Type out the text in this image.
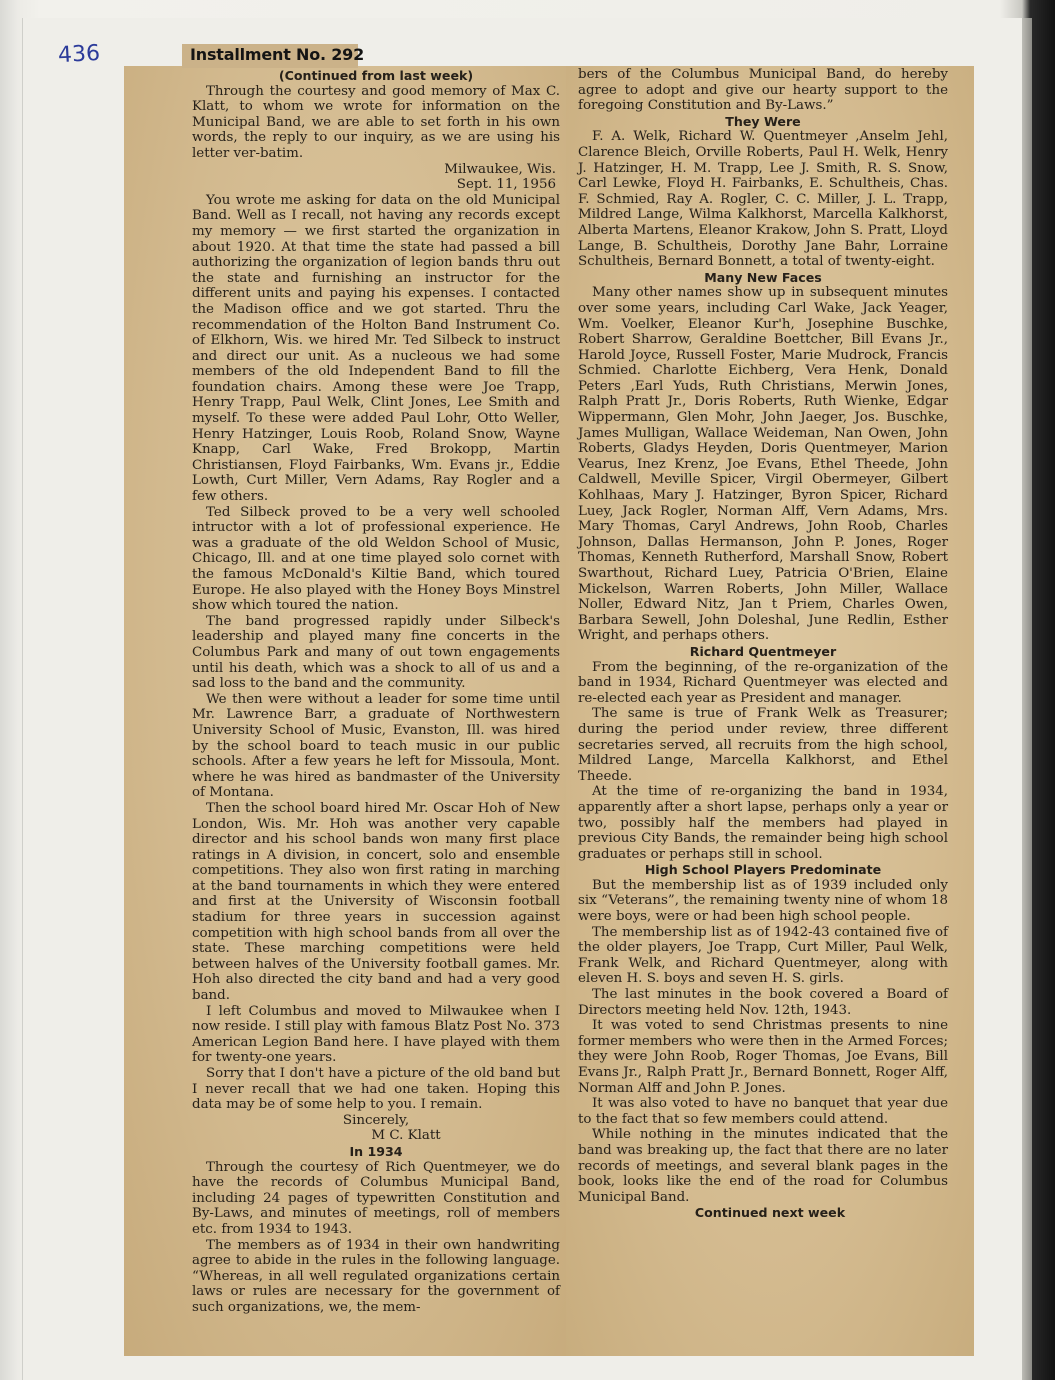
436	Installment No. 292

(Continued from last week)

Through the courtesy and good memory of Max C. Klatt, to whom we wrote for information on the Municipal Band, we are able to set forth in his own words, the reply to our inquiry, as we are using his letter ver-batim.

Milwaukee, Wis.

Sept. 11, 1956

You wrote me asking for data on the old Municipal Band. Well as I recall, not having any records except my memory — we first started the organization in about 1920. At that time the state had passed a bill authorizing the organization of legion bands thru out the state and furnishing an instructor for the different units and paying his expenses. I contacted the Madison office and we got started. Thru the recommendation of the Holton Band Instrument Co. of Elkhorn, Wis. we hired Mr. Ted Silbeck to instruct and direct our unit. As a nucleous we had some members of the old Independent Band to fill the foundation chairs. Among these were Joe Trapp, Henry Trapp, Paul Welk, Clint Jones, Lee Smith and myself. To these were added Paul Lohr, Otto Weller, Henry Hatzinger, Louis Roob, Roland Snow, Wayne Knapp, Carl Wake, Fred Brokopp, Martin Christiansen, Floyd Fairbanks, Wm. Evans jr., Eddie Lowth, Curt Miller, Vern Adams, Ray Rogler and a few others.

Ted Silbeck proved to be a very well schooled intructor with a lot of professional experience. He was a graduate of the old Weldon School of Music, Chicago, Ill. and at one time played solo cornet with the famous McDonald's Kiltie Band, which toured Europe. He also played with the Honey Boys Minstrel show which toured the nation.

The band progressed rapidly under Silbeck's leadership and played many fine concerts in the Columbus Park and many of out town engagements until his death, which was a shock to all of us and a sad loss to the band and the community.

We then were without a leader for some time until Mr. Lawrence Barr, a graduate of Northwestern University School of Music, Evanston, Ill. was hired by the school board to teach music in our public schools. After a few years he left for Missoula, Mont. where he was hired as bandmaster of the University of Montana.

Then the school board hired Mr. Oscar Hoh of New London, Wis. Mr. Hoh was another very capable director and his school bands won many first place ratings in A division, in concert, solo and ensemble competitions. They also won first rating in marching at the band tournaments in which they were entered and first at the University of Wisconsin football stadium for three years in succession against competition with high school bands from all over the state. These marching competitions were held between halves of the University football games. Mr. Hoh also directed the city band and had a very good band.

I left Columbus and moved to Milwaukee when I now reside. I still play with famous Blatz Post No. 373 American Legion Band here. I have played with them for twenty-one years.

Sorry that I don't have a picture of the old band but I never recall that we had one taken. Hoping this data may be of some help to you. I remain.

Sincerely,

M C. Klatt

In 1934

Through the courtesy of Rich Quentmeyer, we do have the records of Columbus Municipal Band, including 24 pages of typewritten Constitution and By-Laws, and minutes of meetings, roll of members etc. from 1934 to 1943.

The members as of 1934 in their own handwriting agree to abide in the rules in the following language. “Whereas, in all well regulated organizations certain laws or rules are necessary for the government of such organizations, we, the mem-

bers of the Columbus Municipal Band, do hereby agree to adopt and give our hearty support to the foregoing Constitution and By-Laws.”

They Were

F. A. Welk, Richard W. Quentmeyer ,Anselm Jehl, Clarence Bleich, Orville Roberts, Paul H. Welk, Henry J. Hatzinger, H. M. Trapp, Lee J. Smith, R. S. Snow, Carl Lewke, Floyd H. Fairbanks, E. Schultheis, Chas. F. Schmied, Ray A. Rogler, C. C. Miller, J. L. Trapp, Mildred Lange, Wilma Kalkhorst, Marcella Kalkhorst, Alberta Martens, Eleanor Krakow, John S. Pratt, Lloyd Lange, B. Schultheis, Dorothy Jane Bahr, Lorraine Schultheis, Bernard Bonnett, a total of twenty-eight.

Many New Faces

Many other names show up in subsequent minutes over some years, including Carl Wake, Jack Yeager, Wm. Voelker, Eleanor Kur'h, Josephine Buschke, Robert Sharrow, Geraldine Boettcher, Bill Evans Jr., Harold Joyce, Russell Foster, Marie Mudrock, Francis Schmied. Charlotte Eichberg, Vera Henk, Donald Peters ,Earl Yuds, Ruth Christians, Merwin Jones, Ralph Pratt Jr., Doris Roberts, Ruth Wienke, Edgar Wippermann, Glen Mohr, John Jaeger, Jos. Buschke, James Mulligan, Wallace Weideman, Nan Owen, John Roberts, Gladys Heyden, Doris Quentmeyer, Marion Vearus, Inez Krenz, Joe Evans, Ethel Theede, John Caldwell, Meville Spicer, Virgil Obermeyer, Gilbert Kohlhaas, Mary J. Hatzinger, Byron Spicer, Richard Luey, Jack Rogler, Norman Alff, Vern Adams, Mrs. Mary Thomas, Caryl Andrews, John Roob, Charles Johnson, Dallas Hermanson, John P. Jones, Roger Thomas, Kenneth Rutherford, Marshall Snow, Robert Swarthout, Richard Luey, Patricia O'Brien, Elaine Mickelson, Warren Roberts, John Miller, Wallace Noller, Edward Nitz, Jan t Priem, Charles Owen, Barbara Sewell, John Doleshal, June Redlin, Esther Wright, and perhaps others.

Richard Quentmeyer

From the beginning, of the re-organization of the band in 1934, Richard Quentmeyer was elected and re-elected each year as President and manager.

The same is true of Frank Welk as Treasurer; during the period under review, three different secretaries served, all recruits from the high school, Mildred Lange, Marcella Kalkhorst, and Ethel Theede.

At the time of re-organizing the band in 1934, apparently after a short lapse, perhaps only a year or two, possibly half the members had played in previous City Bands, the remainder being high school graduates or perhaps still in school.

High School Players Predominate

But the membership list as of 1939 included only six “Veterans”, the remaining twenty nine of whom 18 were boys, were or had been high school people.

The membership list as of 1942-43 contained five of the older players, Joe Trapp, Curt Miller, Paul Welk, Frank Welk, and Richard Quentmeyer, along with eleven H. S. boys and seven H. S. girls.

The last minutes in the book covered a Board of Directors meeting held Nov. 12th, 1943.

It was voted to send Christmas presents to nine former members who were then in the Armed Forces; they were John Roob, Roger Thomas, Joe Evans, Bill Evans Jr., Ralph Pratt Jr., Bernard Bonnett, Roger Alff, Norman Alff and John P. Jones.

It was also voted to have no banquet that year due to the fact that so few members could attend.

While nothing in the minutes indicated that the band was breaking up, the fact that there are no later records of meetings, and several blank pages in the book, looks like the end of the road for Columbus Municipal Band.

Continued next week
